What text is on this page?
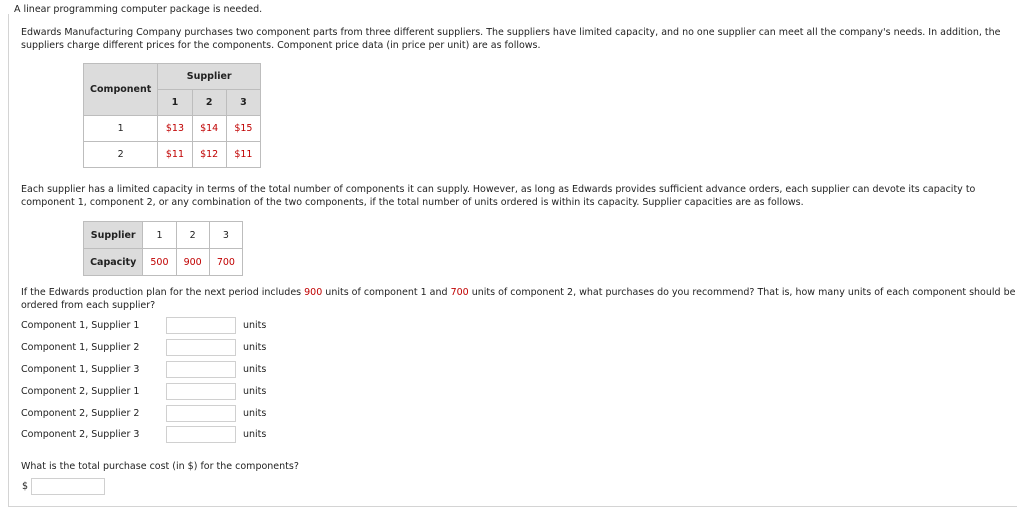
A linear programming computer package is needed.

Edwards Manufacturing Company purchases two component parts from three different suppliers. The suppliers have limited capacity, and no one supplier can meet all the company's needs. In addition, the suppliers charge different prices for the components. Component price data (in price per unit) are as follows.

Component	Supplier		
	1	2	3
1	$13	$14	$15
2	$11	$12	$11

Each supplier has a limited capacity in terms of the total number of components it can supply. However, as long as Edwards provides sufficient advance orders, each supplier can devote its capacity to component 1, component 2, or any combination of the two components, if the total number of units ordered is within its capacity. Supplier capacities are as follows.

Supplier	1	2	3
Capacity	500	900	700

If the Edwards production plan for the next period includes 900 units of component 1 and 700 units of component 2, what purchases do you recommend? That is, how many units of each component should be ordered from each supplier?

Component 1, Supplier 1	units
Component 1, Supplier 2	units
Component 1, Supplier 3	units
Component 2, Supplier 1	units
Component 2, Supplier 2	units
Component 2, Supplier 3	units

What is the total purchase cost (in $) for the components?

$
